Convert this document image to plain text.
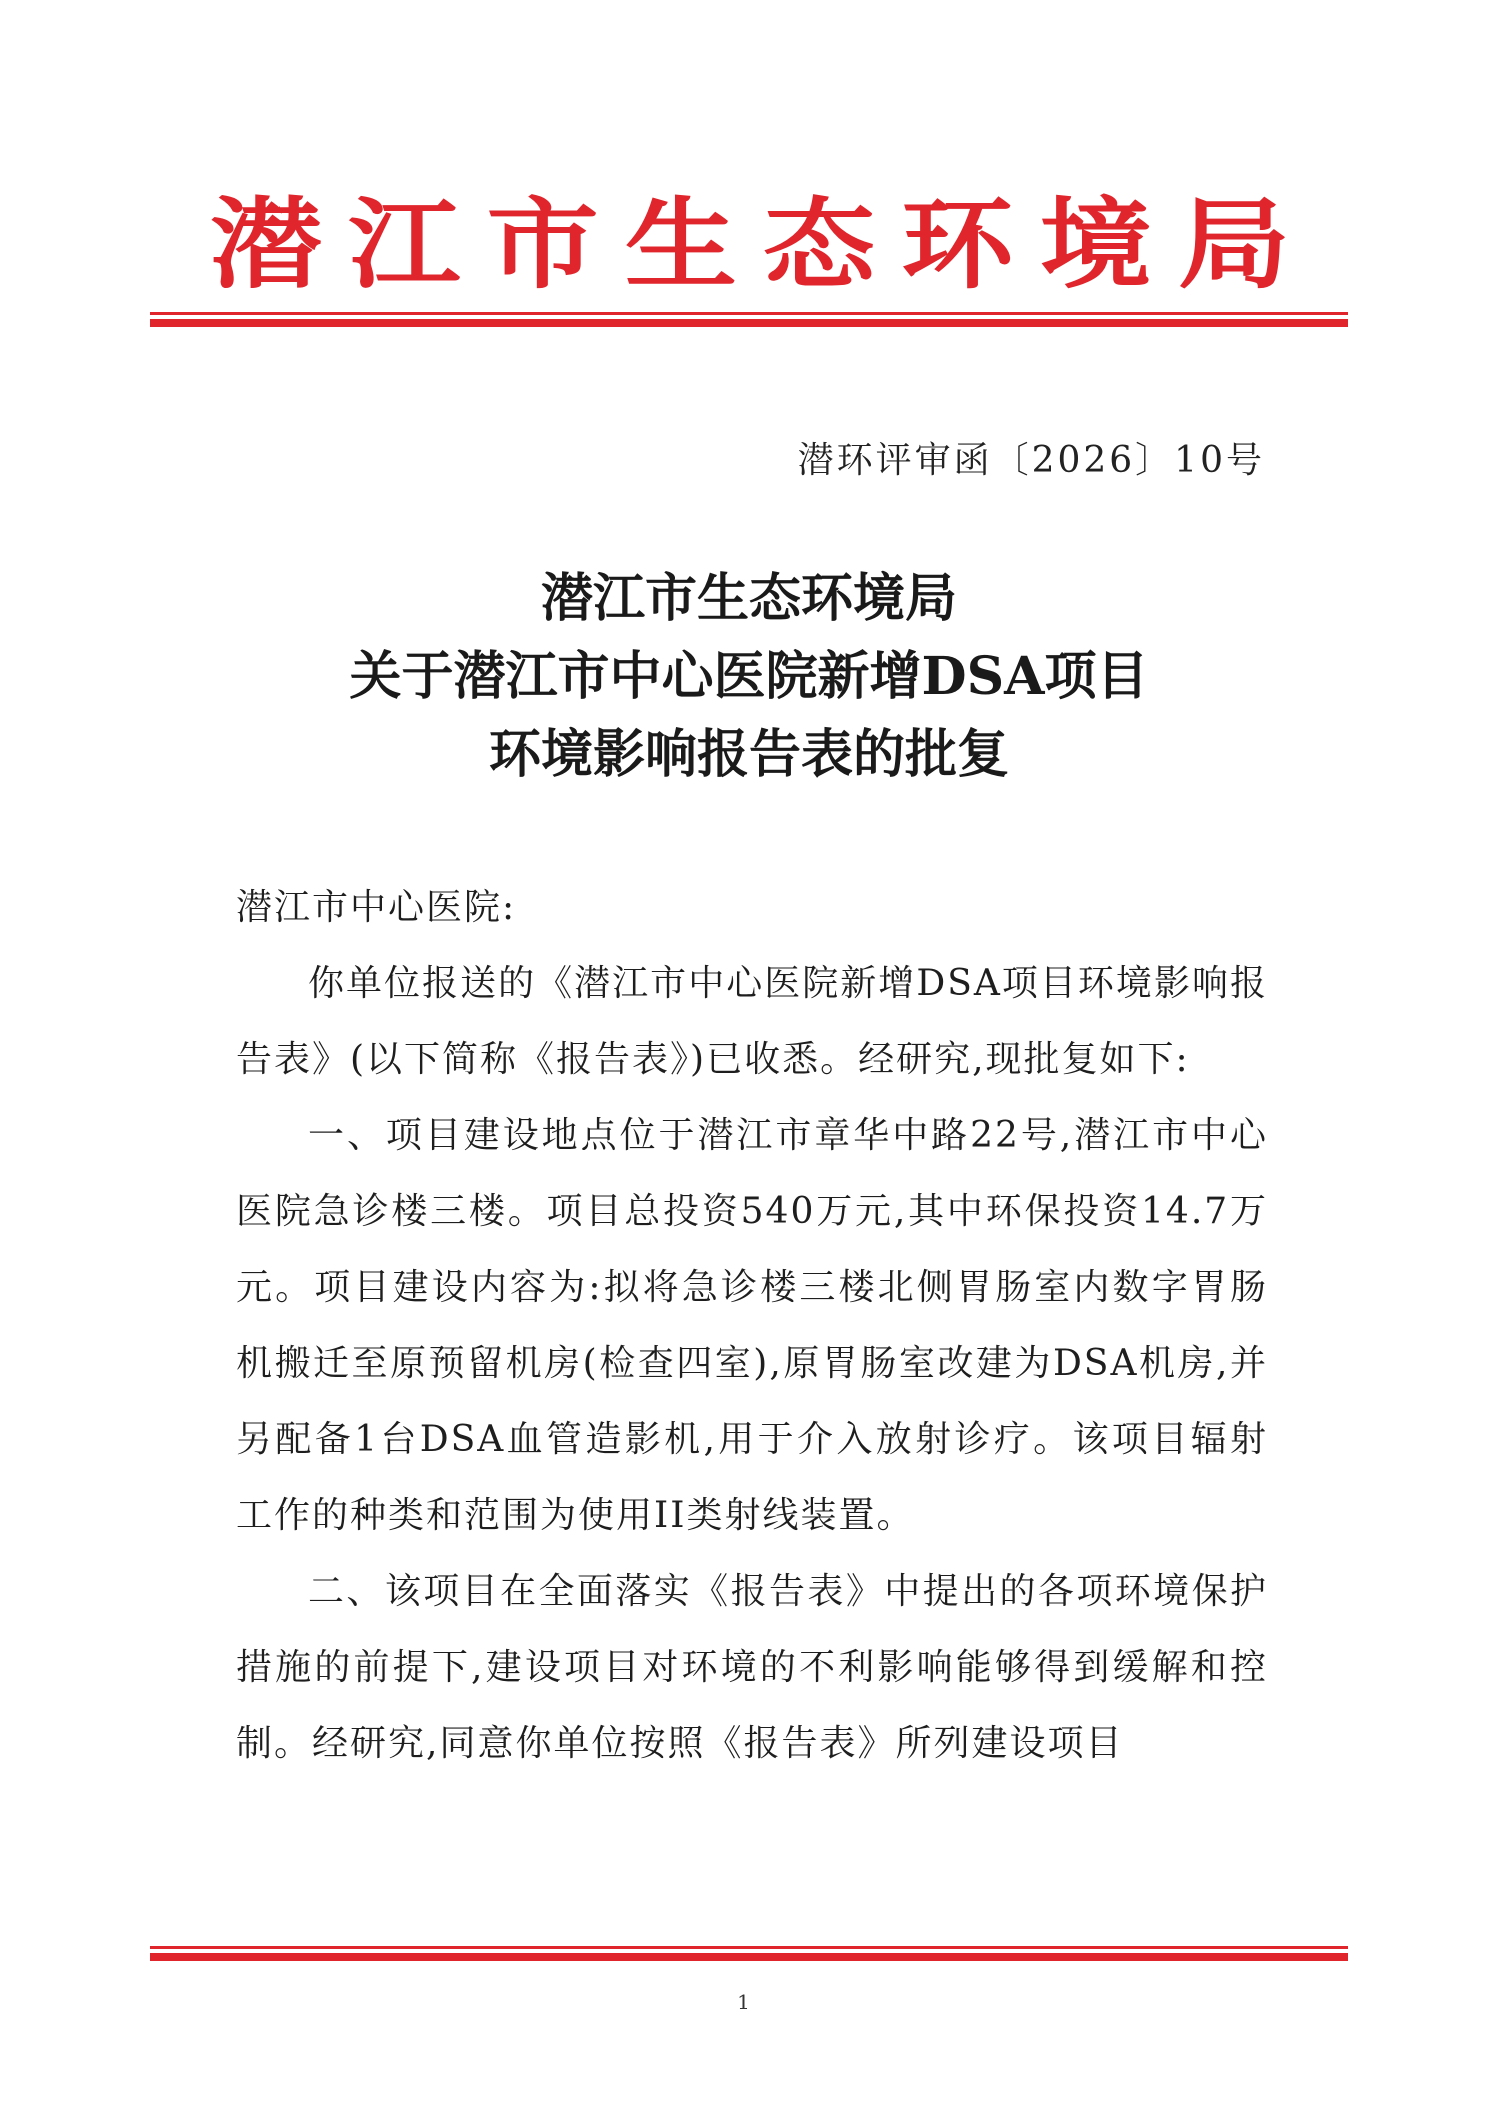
潜 江 市 生 态 环 境 局
潜环评审函〔2026〕10号
潜江市生态环境局
关于潜江市中心医院新增DSA项目
环境影响报告表的批复

潜江市中心医院:

你单位报送的《潜江市中心医院新增DSA项目环境影响报告表》(以下简称《报告表》)已收悉。经研究,现批复如下:

一、项目建设地点位于潜江市章华中路22号,潜江市中心医院急诊楼三楼。项目总投资540万元,其中环保投资14.7万元。项目建设内容为:拟将急诊楼三楼北侧胃肠室内数字胃肠机搬迁至原预留机房(检查四室),原胃肠室改建为DSA机房,并另配备1台DSA血管造影机,用于介入放射诊疗。该项目辐射工作的种类和范围为使用II类射线装置。

二、该项目在全面落实《报告表》中提出的各项环境保护措施的前提下,建设项目对环境的不利影响能够得到缓解和控制。经研究,同意你单位按照《报告表》所列建设项目

1
